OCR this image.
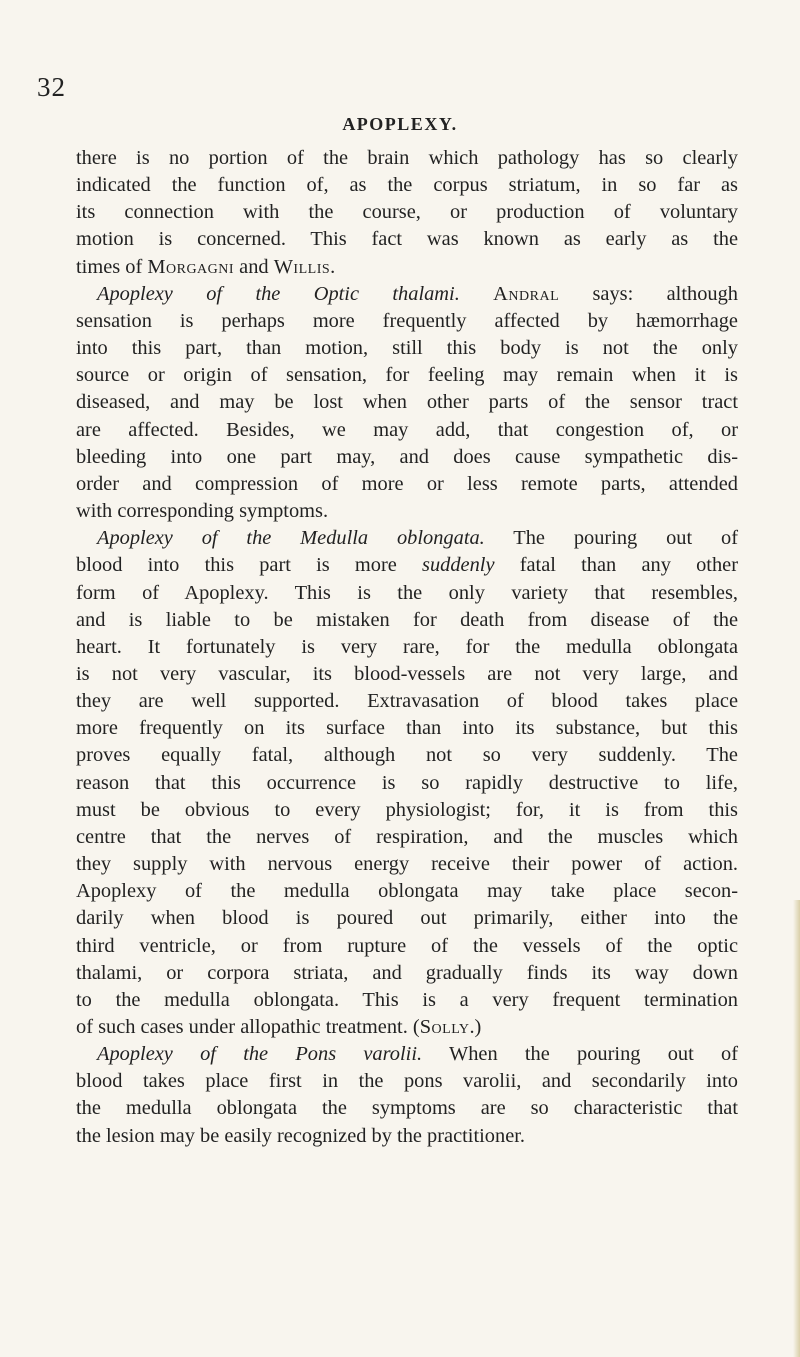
32
APOPLEXY.
there is no portion of the brain which pathology has so clearly
indicated the function of, as the corpus striatum, in so far as
its connection with the course, or production of voluntary
motion is concerned. This fact was known as early as the
times of Morgagni and Willis.
Apoplexy of the Optic thalami. Andral says: although
sensation is perhaps more frequently affected by hæmorrhage
into this part, than motion, still this body is not the only
source or origin of sensation, for feeling may remain when it is
diseased, and may be lost when other parts of the sensor tract
are affected. Besides, we may add, that congestion of, or
bleeding into one part may, and does cause sympathetic dis-
order and compression of more or less remote parts, attended
with corresponding symptoms.
Apoplexy of the Medulla oblongata. The pouring out of
blood into this part is more suddenly fatal than any other
form of Apoplexy. This is the only variety that resembles,
and is liable to be mistaken for death from disease of the
heart. It fortunately is very rare, for the medulla oblongata
is not very vascular, its blood-vessels are not very large, and
they are well supported. Extravasation of blood takes place
more frequently on its surface than into its substance, but this
proves equally fatal, although not so very suddenly. The
reason that this occurrence is so rapidly destructive to life,
must be obvious to every physiologist; for, it is from this
centre that the nerves of respiration, and the muscles which
they supply with nervous energy receive their power of action.
Apoplexy of the medulla oblongata may take place secon-
darily when blood is poured out primarily, either into the
third ventricle, or from rupture of the vessels of the optic
thalami, or corpora striata, and gradually finds its way down
to the medulla oblongata. This is a very frequent termination
of such cases under allopathic treatment. (Solly.)
Apoplexy of the Pons varolii. When the pouring out of
blood takes place first in the pons varolii, and secondarily into
the medulla oblongata the symptoms are so characteristic that
the lesion may be easily recognized by the practitioner.
